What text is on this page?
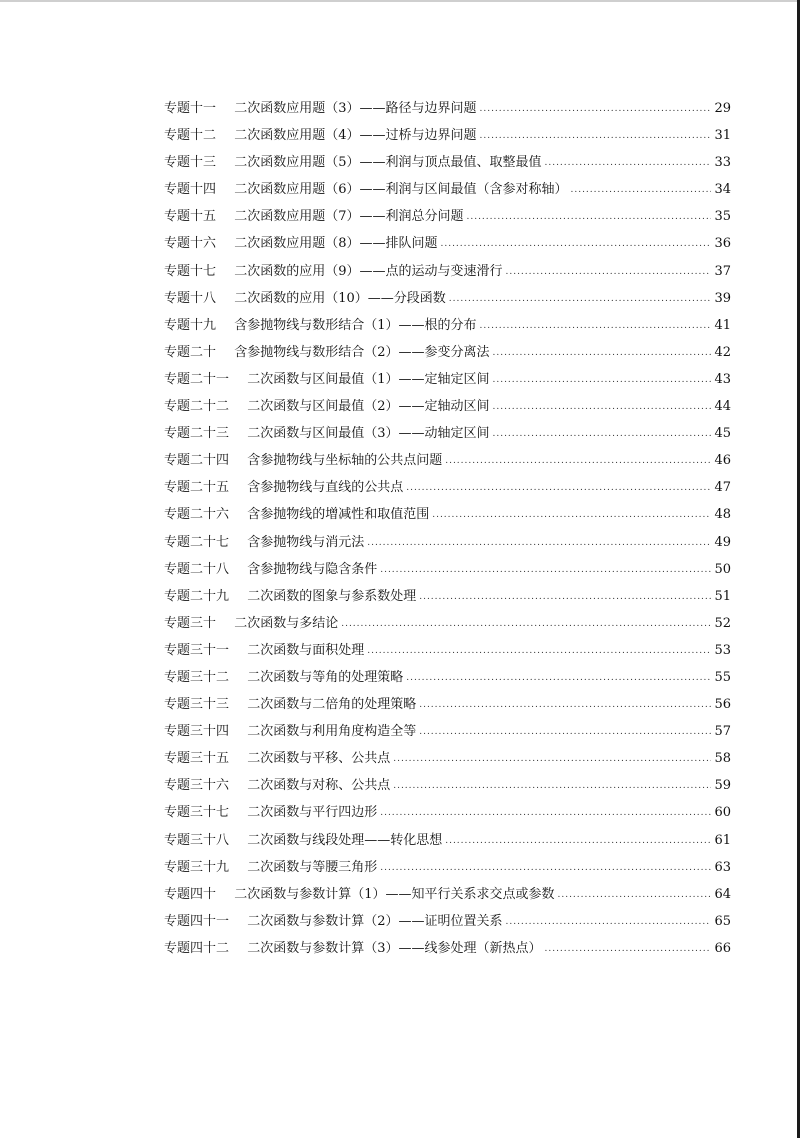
专题十一 二次函数应用题（3）——路径与边界问题 .....	29
专题十二 二次函数应用题（4）——过桥与边界问题 .....	31
专题十三 二次函数应用题（5）——利润与顶点最值、取整最值 .....	33
专题十四 二次函数应用题（6）——利润与区间最值（含参对称轴） .....	34
专题十五 二次函数应用题（7）——利润总分问题 .....	35
专题十六 二次函数应用题（8）——排队问题 .....	36
专题十七 二次函数的应用（9）——点的运动与变速滑行 .....	37
专题十八 二次函数的应用（10）——分段函数 .....	39
专题十九 含参抛物线与数形结合（1）——根的分布 .....	41
专题二十 含参抛物线与数形结合（2）——参变分离法 .....	42
专题二十一 二次函数与区间最值（1）——定轴定区间 .....	43
专题二十二 二次函数与区间最值（2）——定轴动区间 .....	44
专题二十三 二次函数与区间最值（3）——动轴定区间 .....	45
专题二十四 含参抛物线与坐标轴的公共点问题 .....	46
专题二十五 含参抛物线与直线的公共点 .....	47
专题二十六 含参抛物线的增减性和取值范围 .....	48
专题二十七 含参抛物线与消元法 .....	49
专题二十八 含参抛物线与隐含条件 .....	50
专题二十九 二次函数的图象与参系数处理 .....	51
专题三十 二次函数与多结论 .....	52
专题三十一 二次函数与面积处理 .....	53
专题三十二 二次函数与等角的处理策略 .....	55
专题三十三 二次函数与二倍角的处理策略 .....	56
专题三十四 二次函数与利用角度构造全等 .....	57
专题三十五 二次函数与平移、公共点 .....	58
专题三十六 二次函数与对称、公共点 .....	59
专题三十七 二次函数与平行四边形 .....	60
专题三十八 二次函数与线段处理——转化思想 .....	61
专题三十九 二次函数与等腰三角形 .....	63
专题四十 二次函数与参数计算（1）——知平行关系求交点或参数 .....	64
专题四十一 二次函数与参数计算（2）——证明位置关系 .....	65
专题四十二 二次函数与参数计算（3）——线参处理（新热点） .....	66
